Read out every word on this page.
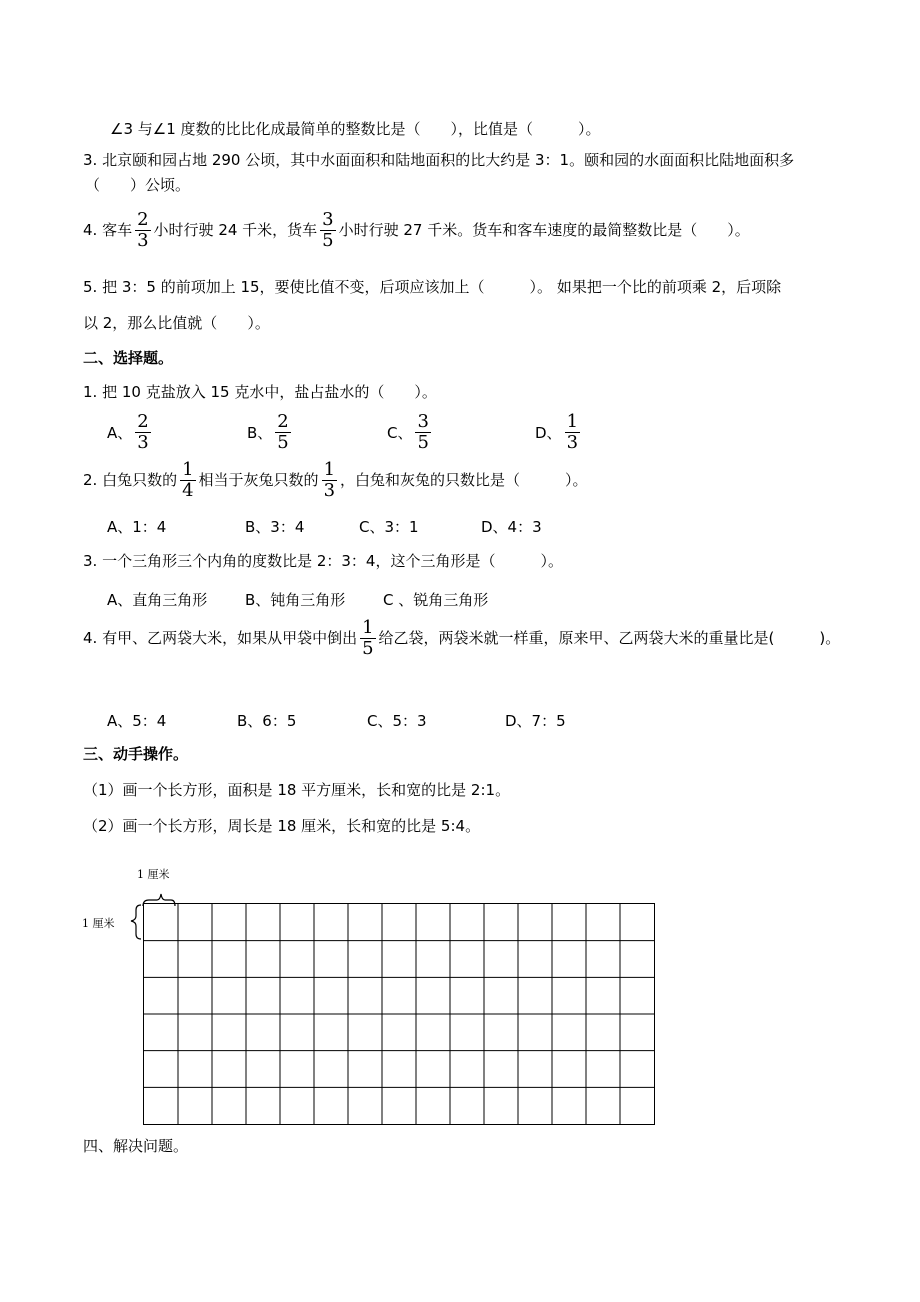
∠3 与∠1 度数的比比化成最简单的整数比是（　　），比值是（　　　）。
3. 北京颐和园占地 290 公顷，其中水面面积和陆地面积的比大约是 3：1。颐和园的水面面积比陆地面积多
（　　）公顷。
4. 客车 $\frac{2}{3}$ 小时行驶 24 千米，货车 $\frac{3}{5}$ 小时行驶 27 千米。货车和客车速度的最简整数比是（　　）。
5. 把 3：5 的前项加上 15，要使比值不变，后项应该加上（　　　）。 如果把一个比的前项乘 2，后项除
以 2，那么比值就（　　）。
二、选择题。
1. 把 10 克盐放入 15 克水中，盐占盐水的（　　）。
A、 $\frac{2}{3}$	B、 $\frac{2}{5}$	C、 $\frac{3}{5}$	D、 $\frac{1}{3}$
2. 白兔只数的 $\frac{1}{4}$ 相当于灰兔只数的 $\frac{1}{3}$ ，白兔和灰兔的只数比是（　　　）。
A、1：4	B、3：4	C、3：1	D、4：3
3. 一个三角形三个内角的度数比是 2：3：4，这个三角形是（　　　）。
A、直角三角形	B、钝角三角形	C 、锐角三角形
4. 有甲、乙两袋大米，如果从甲袋中倒出 $\frac{1}{5}$ 给乙袋，两袋米就一样重，原来甲、乙两袋大米的重量比是(　　　)。
A、5：4	B、6：5	C、5：3	D、7：5
三、动手操作。
（1）画一个长方形，面积是 18 平方厘米，长和宽的比是 2:1。
（2）画一个长方形，周长是 18 厘米，长和宽的比是 5:4。
1 厘米
1 厘米
四、解决问题。
